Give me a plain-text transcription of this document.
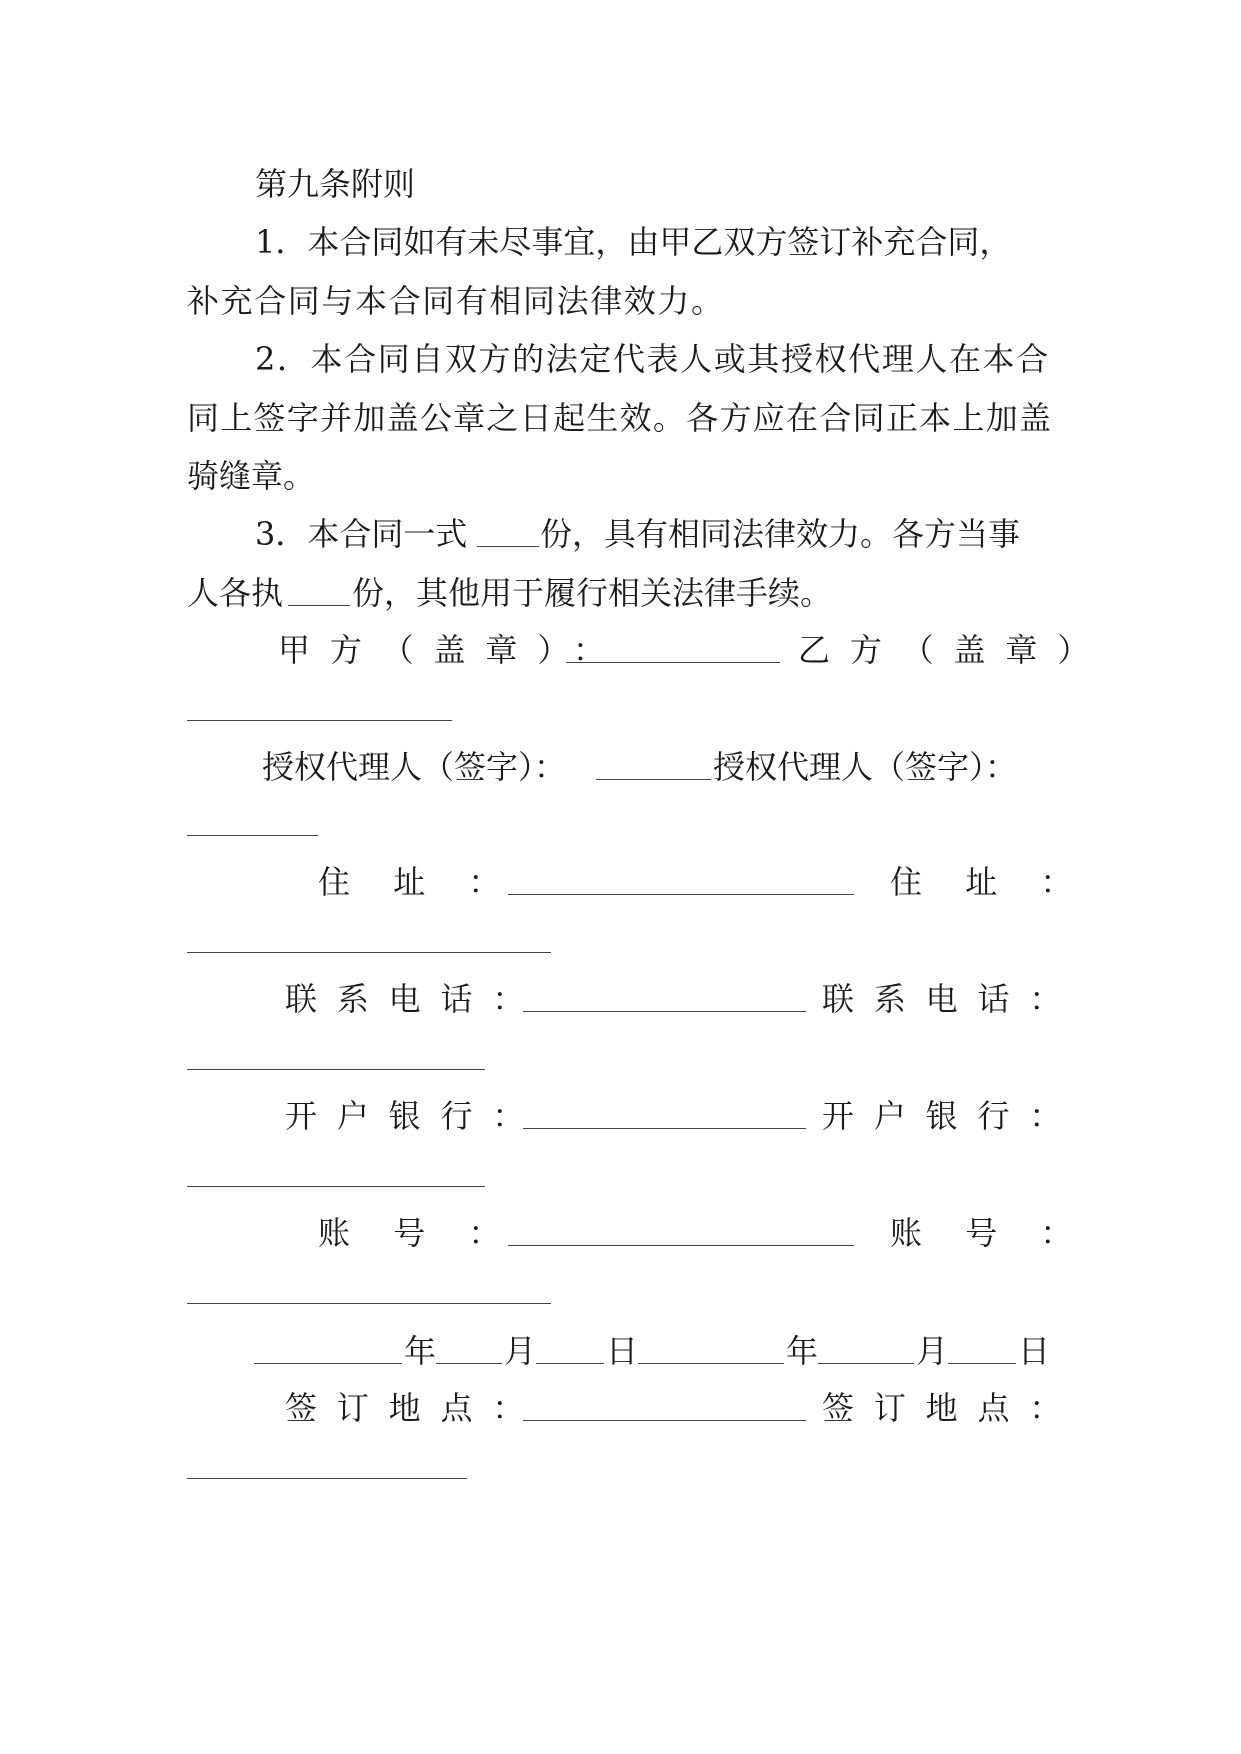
第九条附则
1．本合同如有未尽事宜，由甲乙双方签订补充合同，
补充合同与本合同有相同法律效力。
2．本合同自双方的法定代表人或其授权代理人在本合
同上签字并加盖公章之日起生效。各方应在合同正本上加盖
骑缝章。
3．本合同一式 份，具有相同法律效力。各方当事
人各执 份，其他用于履行相关法律手续。
甲方（盖章）：	乙方（盖章）
授权代理人（签字）：	授权代理人（签字）：
住址：	住址：
联系电话：	联系电话：
开户银行：	开户银行：
账号：	账号：
年 月 日	年	月 日
签订地点：	签订地点：
